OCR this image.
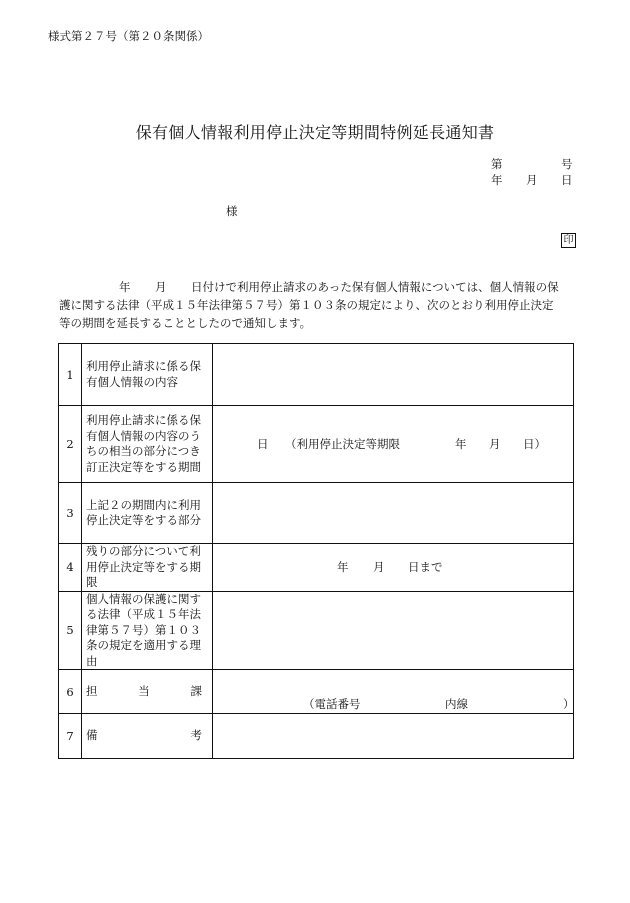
様式第２７号（第２０条関係）
保有個人情報利用停止決定等期間特例延長通知書
第	号
年 月 日
様
印
年 月 日付けで利用停止請求のあった保有個人情報については、個人情報の保
護に関する法律（平成１５年法律第５７号）第１０３条の規定により、次のとおり利用停止決定
等の期間を延長することとしたので通知します。
1	利用停止請求に係る保有個人情報の内容	
2	利用停止請求に係る保有個人情報の内容のうちの相当の部分につき訂正決定等をする期間	日 （利用停止決定等期限 年 月 日）

3	上記２の期間内に利用停止決定等をする部分	
4	残りの部分について利用停止決定等をする期限	年 月 日まで

5	個人情報の保護に関する法律（平成１５年法律第５７号）第１０３条の規定を適用する理由	
6	担 当 課	（電話番号 内線 ）

7	備 考	
